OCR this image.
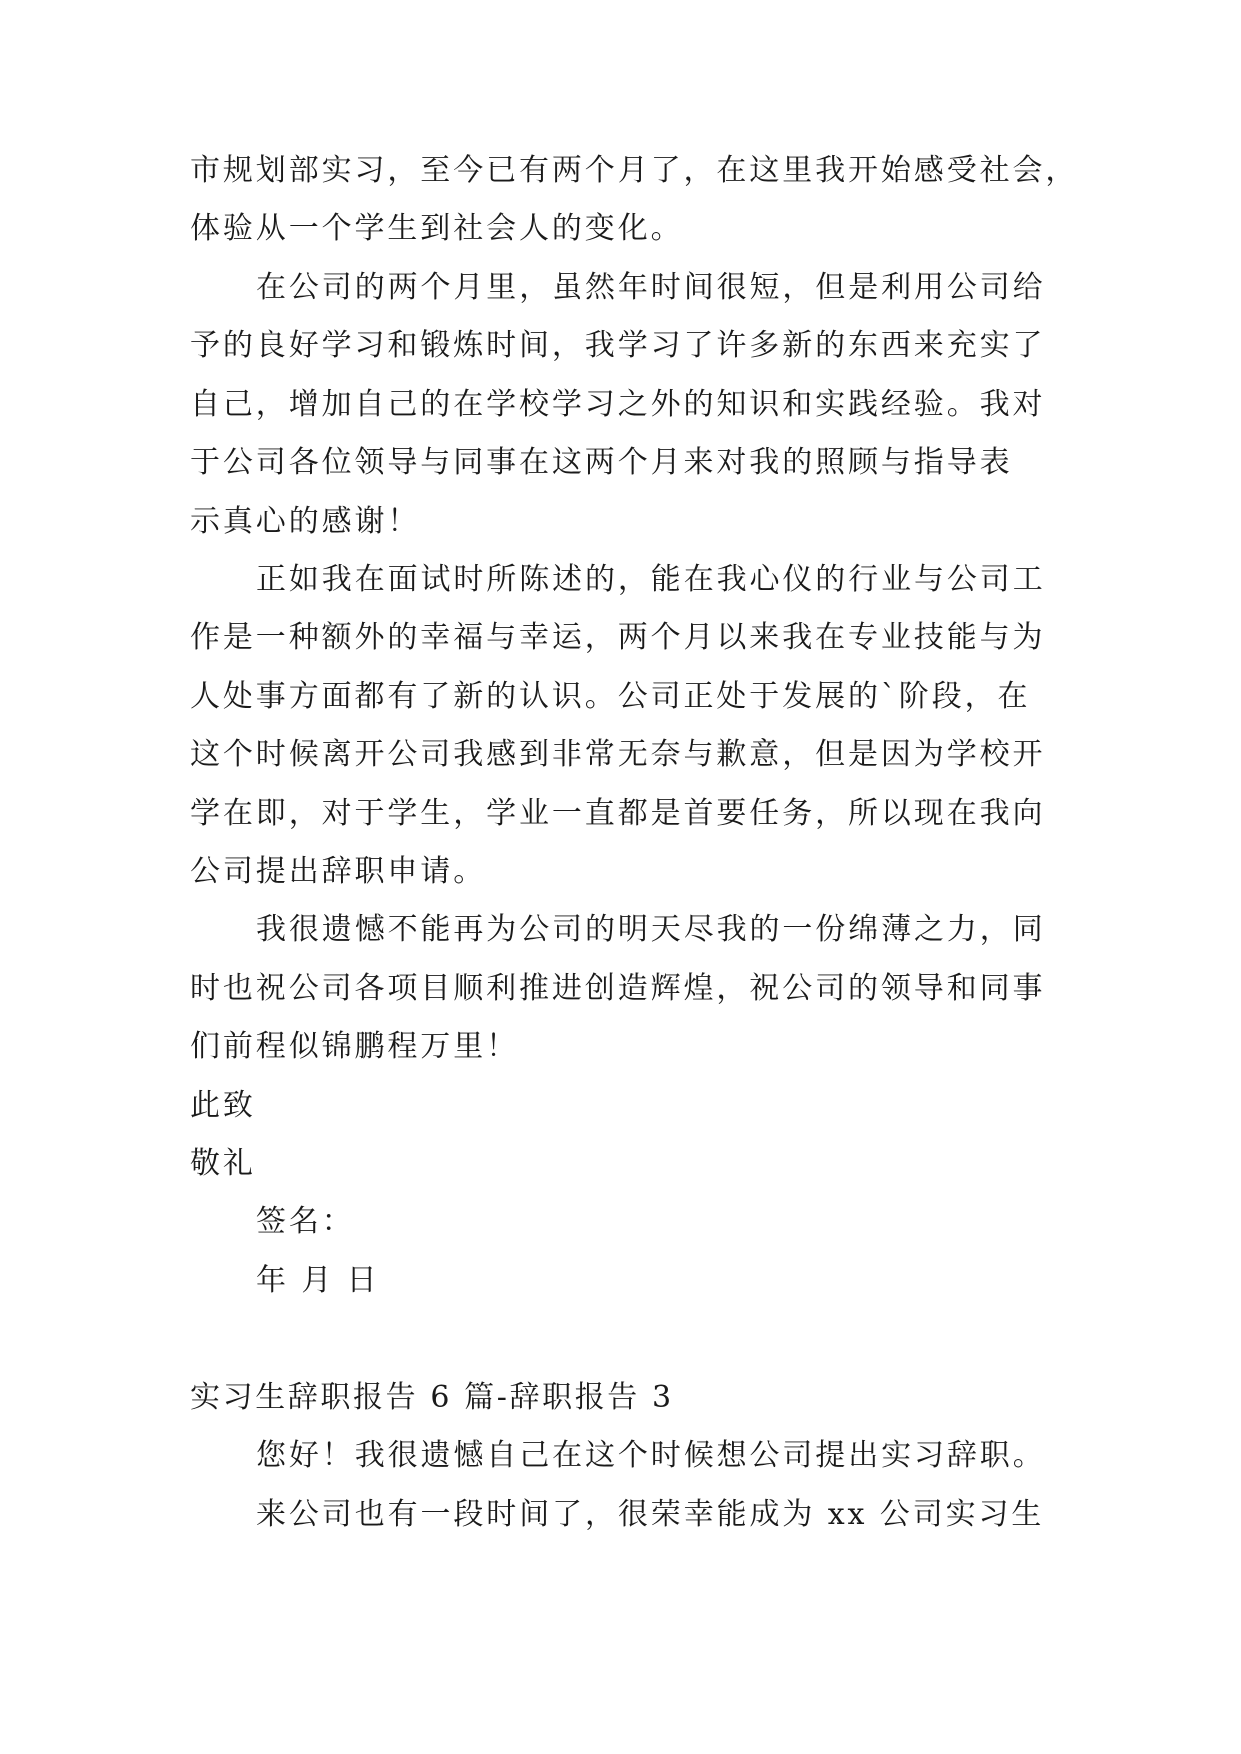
市规划部实习，至今已有两个月了，在这里我开始感受社会，
体验从一个学生到社会人的变化。
在公司的两个月里，虽然年时间很短，但是利用公司给
予的良好学习和锻炼时间，我学习了许多新的东西来充实了
自己，增加自己的在学校学习之外的知识和实践经验。我对
于公司各位领导与同事在这两个月来对我的照顾与指导表
示真心的感谢！
正如我在面试时所陈述的，能在我心仪的行业与公司工
作是一种额外的幸福与幸运，两个月以来我在专业技能与为
人处事方面都有了新的认识。公司正处于发展的`阶段，在
这个时候离开公司我感到非常无奈与歉意，但是因为学校开
学在即，对于学生，学业一直都是首要任务，所以现在我向
公司提出辞职申请。
我很遗憾不能再为公司的明天尽我的一份绵薄之力，同
时也祝公司各项目顺利推进创造辉煌，祝公司的领导和同事
们前程似锦鹏程万里！
此致
敬礼
签名：
年 月 日
实习生辞职报告 6 篇-辞职报告 3
您好！我很遗憾自己在这个时候想公司提出实习辞职。
来公司也有一段时间了，很荣幸能成为 xx 公司实习生
